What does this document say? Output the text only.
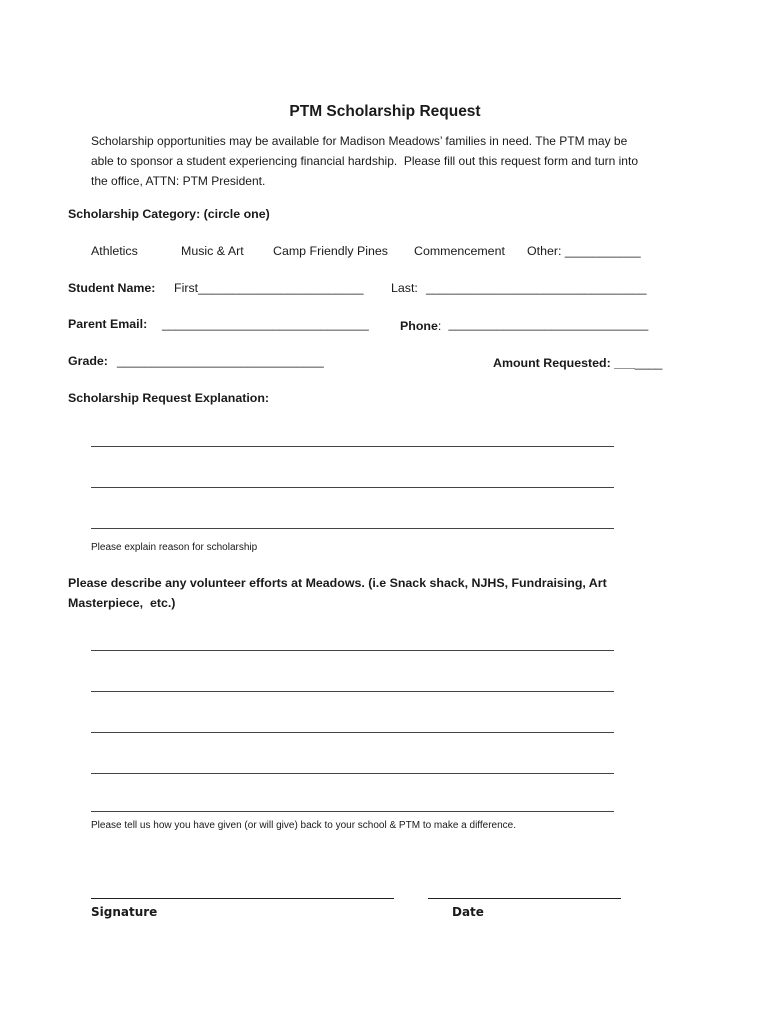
PTM Scholarship Request
Scholarship opportunities may be available for Madison Meadows’ families in need. The PTM may be
able to sponsor a student experiencing financial hardship.  Please fill out this request form and turn into
the office, ATTN: PTM President.
Scholarship Category: (circle one)
Athletics	Music & Art Camp Friendly Pines Commencement Other: ___________
Student Name: First________________________ Last: ________________________________
Parent Email: ______________________________	Phone: _____________________________
Grade: ______________________________	Amount Requested: _______
Scholarship Request Explanation:
Please explain reason for scholarship
Please describe any volunteer efforts at Meadows. (i.e Snack shack, NJHS, Fundraising, Art
Masterpiece,  etc.)
Please tell us how you have given (or will give) back to your school & PTM to make a difference.
Signature	Date
